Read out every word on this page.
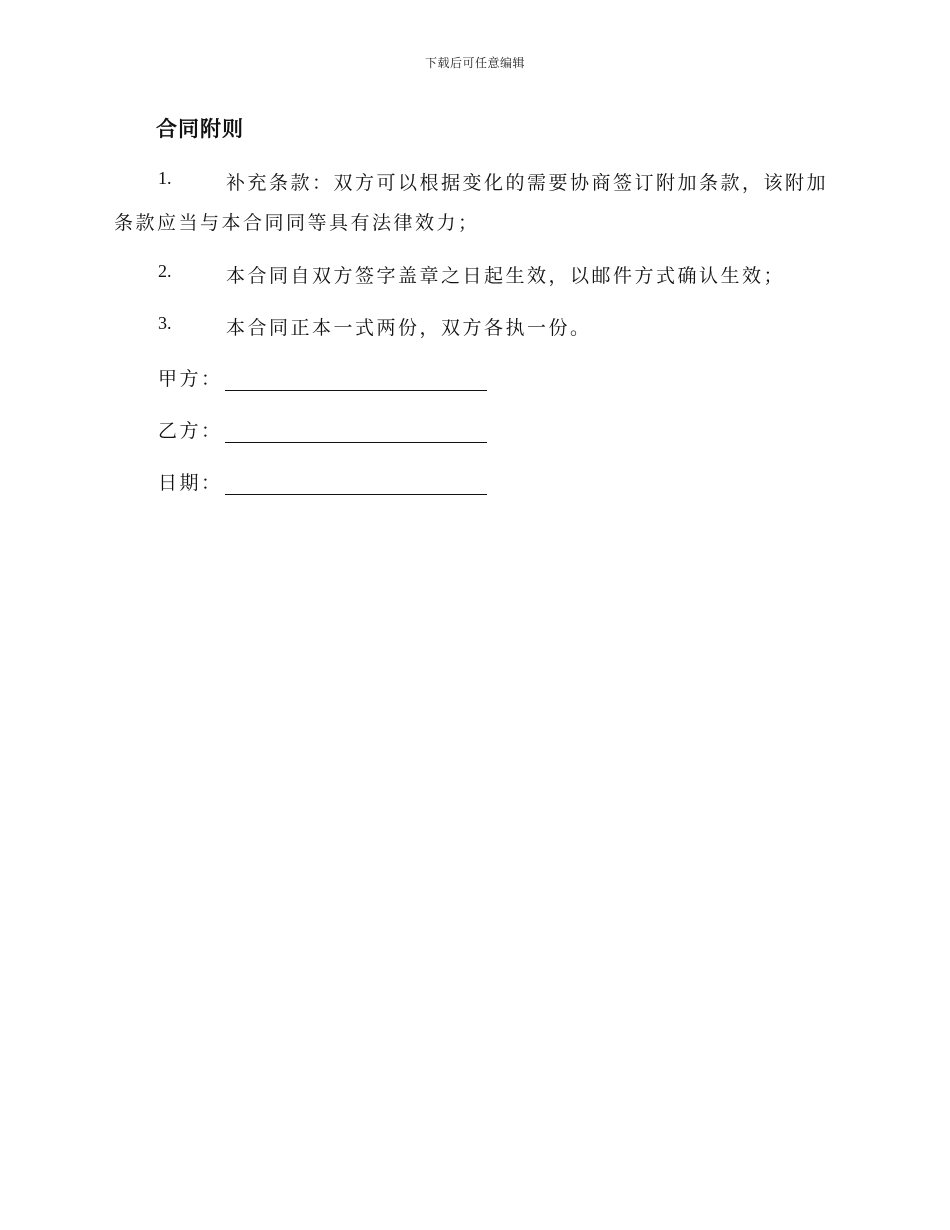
下载后可任意编辑
合同附则
1.	补充条款：双方可以根据变化的需要协商签订附加条款，该附加
条款应当与本合同同等具有法律效力；
2.	本合同自双方签字盖章之日起生效，以邮件方式确认生效；
3.	本合同正本一式两份，双方各执一份。
甲方：
乙方：
日期：
